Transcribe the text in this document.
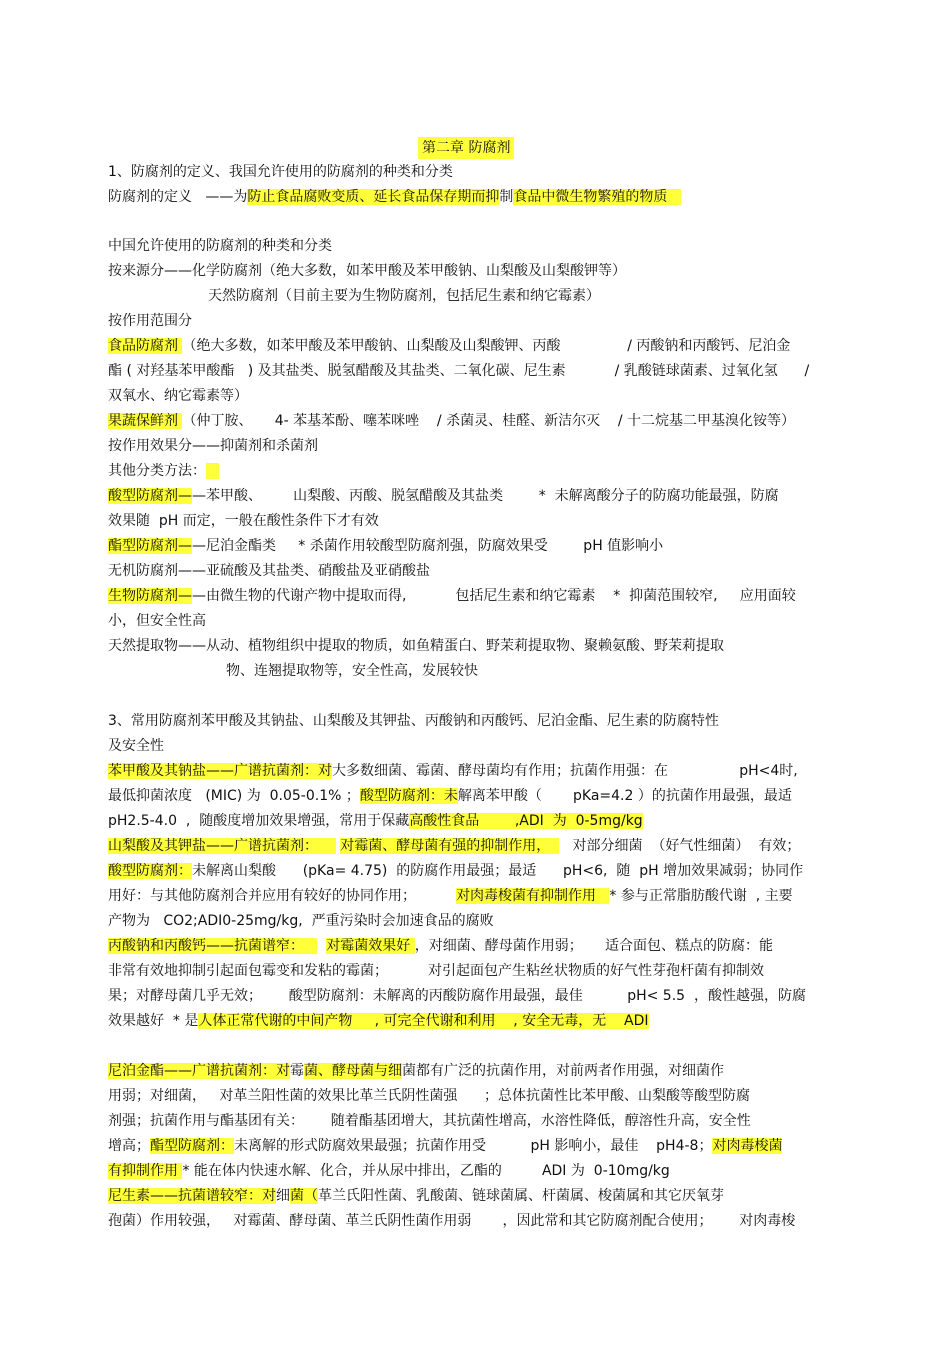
第二章 防腐剂
1、防腐剂的定义、我国允许使用的防腐剂的种类和分类
防腐剂的定义   ——为防止食品腐败变质、延长食品保存期而抑制食品中微生物繁殖的物质
中国允许使用的防腐剂的种类和分类
按来源分——化学防腐剂（绝大多数，如苯甲酸及苯甲酸钠、山梨酸及山梨酸钾等）
天然防腐剂（目前主要为生物防腐剂，包括尼生素和纳它霉素）
按作用范围分
食品防腐剂 （绝大多数，如苯甲酸及苯甲酸钠、山梨酸及山梨酸钾、丙酸               / 丙酸钠和丙酸钙、尼泊金
酯 ( 对羟基苯甲酸酯   ) 及其盐类、脱氢醋酸及其盐类、二氧化碳、尼生素           / 乳酸链球菌素、过氧化氢      /
双氧水、纳它霉素等）
果蔬保鲜剂 （仲丁胺、     4- 苯基苯酚、噻苯咪唑    / 杀菌灵、桂醛、新洁尔灭    / 十二烷基二甲基溴化铵等）
按作用效果分——抑菌剂和杀菌剂
其他分类方法：
酸型防腐剂——苯甲酸、       山梨酸、丙酸、脱氢醋酸及其盐类        *  未解离酸分子的防腐功能最强，防腐
效果随  pH 而定，一般在酸性条件下才有效
酯型防腐剂——尼泊金酯类     * 杀菌作用较酸型防腐剂强，防腐效果受        pH 值影响小
无机防腐剂——亚硫酸及其盐类、硝酸盐及亚硝酸盐
生物防腐剂——由微生物的代谢产物中提取而得,           包括尼生素和纳它霉素    *  抑菌范围较窄,     应用面较
小，但安全性高
天然提取物——从动、植物组织中提取的物质，如鱼精蛋白、野茉莉提取物、聚赖氨酸、野茉莉提取
物、连翘提取物等，安全性高，发展较快
3、常用防腐剂苯甲酸及其钠盐、山梨酸及其钾盐、丙酸钠和丙酸钙、尼泊金酯、尼生素的防腐特性
及安全性
苯甲酸及其钠盐——广谱抗菌剂：对大多数细菌、霉菌、酵母菌均有作用；抗菌作用强：在                pH<4时,
最低抑菌浓度   (MIC) 为  0.05-0.1% ；酸型防腐剂：未解离苯甲酸（       pKa=4.2 ）的抗菌作用最强，最适
pH2.5-4.0  ,  随酸度增加效果增强，常用于保藏高酸性食品        ,ADI  为  0-5mg/kg
山梨酸及其钾盐——广谱抗菌剂：     对霉菌、酵母菌有强的抑制作用，     对部分细菌  （好气性细菌）  有效；
酸型防腐剂：未解离山梨酸      (pKa= 4.75)  的防腐作用最强；最适      pH<6,  随  pH 增加效果减弱；协同作
用好：与其他防腐剂合并应用有较好的协同作用；         对肉毒梭菌有抑制作用   * 参与正常脂肪酸代谢  , 主要
产物为   CO2;ADI0-25mg/kg,  严重污染时会加速食品的腐败
丙酸钠和丙酸钙——抗菌谱窄：     对霉菌效果好 ，对细菌、酵母菌作用弱；     适合面包、糕点的防腐：能
非常有效地抑制引起面包霉变和发粘的霉菌；         对引起面包产生粘丝状物质的好气性芽孢杆菌有抑制效
果；对酵母菌几乎无效；      酸型防腐剂：未解离的丙酸防腐作用最强，最佳          pH< 5.5  ，酸性越强，防腐
效果越好  * 是人体正常代谢的中间产物     , 可完全代谢和利用    , 安全无毒，无    ADI
尼泊金酯——广谱抗菌剂：对霉菌、酵母菌与细菌都有广泛的抗菌作用，对前两者作用强，对细菌作
用弱；对细菌，   对革兰阳性菌的效果比革兰氏阴性菌强      ；总体抗菌性比苯甲酸、山梨酸等酸型防腐
剂强；抗菌作用与酯基团有关：      随着酯基团增大，其抗菌性增高，水溶性降低，醇溶性升高，安全性
增高；酯型防腐剂：未离解的形式防腐效果最强；抗菌作用受          pH 影响小，最佳    pH4-8；对肉毒梭菌
有抑制作用 * 能在体内快速水解、化合，并从尿中排出，乙酯的         ADI 为  0-10mg/kg
尼生素——抗菌谱较窄：对细菌（革兰氏阳性菌、乳酸菌、链球菌属、杆菌属、梭菌属和其它厌氧芽
孢菌）作用较强，   对霉菌、酵母菌、革兰氏阴性菌作用弱       ，因此常和其它防腐剂配合使用；      对肉毒梭
